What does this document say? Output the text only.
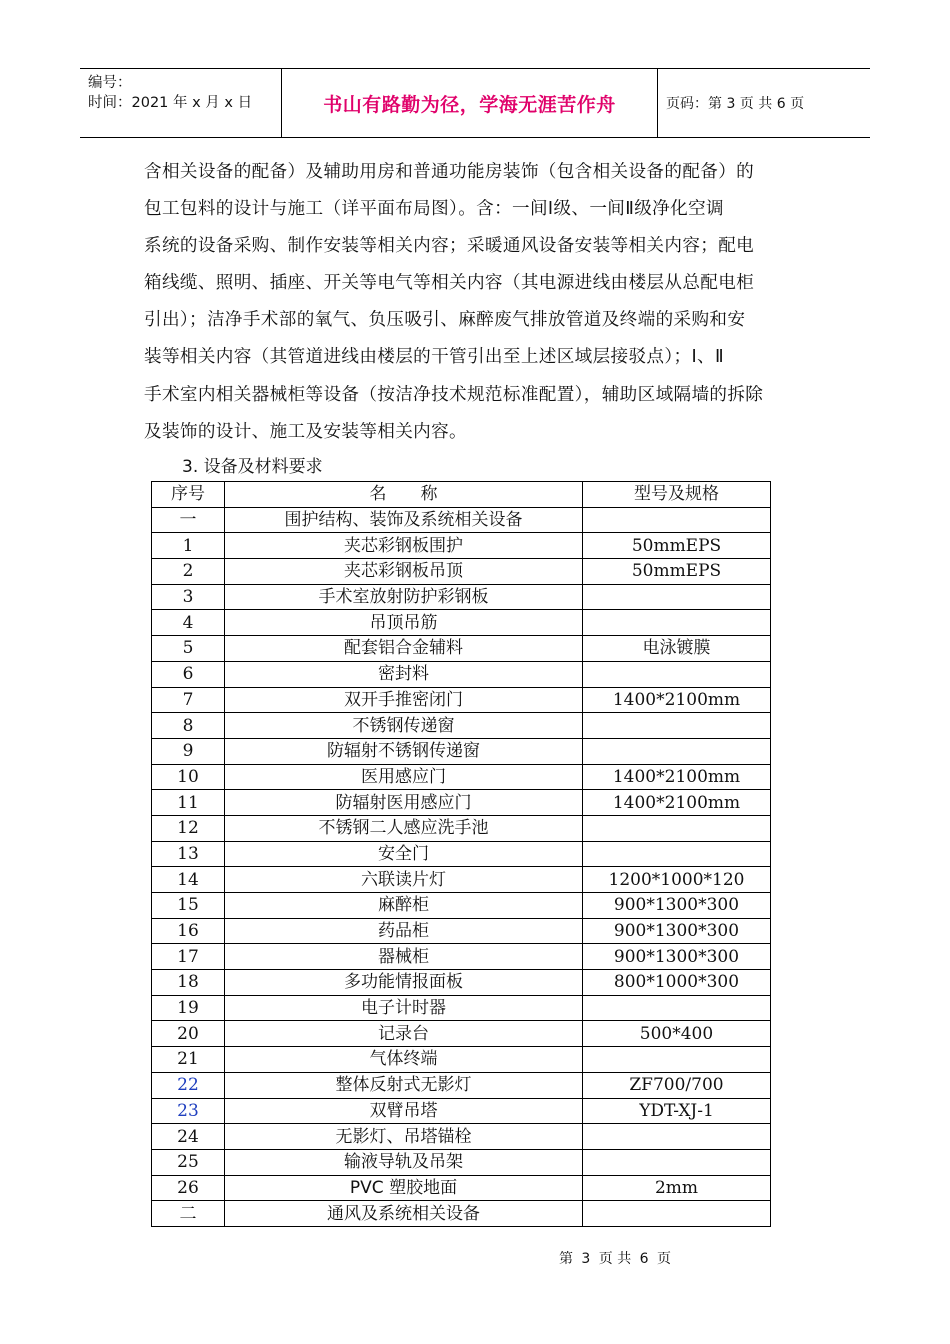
编号：
时间：2021 年 x 月 x 日	书山有路勤为径，学海无涯苦作舟	页码：第 3 页 共 6 页
含相关设备的配备）及辅助用房和普通功能房装饰（包含相关设备的配备）的
包工包料的设计与施工（详平面布局图）。含：一间Ⅰ级、一间Ⅱ级净化空调
系统的设备采购、制作安装等相关内容；采暖通风设备安装等相关内容；配电
箱线缆、照明、插座、开关等电气等相关内容（其电源进线由楼层从总配电柜
引出）；洁净手术部的氧气、负压吸引、麻醉废气排放管道及终端的采购和安
装等相关内容（其管道进线由楼层的干管引出至上述区域层接驳点）；Ⅰ、Ⅱ
手术室内相关器械柜等设备（按洁净技术规范标准配置），辅助区域隔墙的拆除
及装饰的设计、施工及安装等相关内容。
3. 设备及材料要求
序号	名　　称	型号及规格
一	围护结构、装饰及系统相关设备	
1	夹芯彩钢板围护	50mmEPS
2	夹芯彩钢板吊顶	50mmEPS
3	手术室放射防护彩钢板	
4	吊顶吊筋	
5	配套铝合金辅料	电泳镀膜
6	密封料	
7	双开手推密闭门	1400*2100mm
8	不锈钢传递窗	
9	防辐射不锈钢传递窗	
10	医用感应门	1400*2100mm
11	防辐射医用感应门	1400*2100mm
12	不锈钢二人感应洗手池	
13	安全门	
14	六联读片灯	1200*1000*120
15	麻醉柜	900*1300*300
16	药品柜	900*1300*300
17	器械柜	900*1300*300
18	多功能情报面板	800*1000*300
19	电子计时器	
20	记录台	500*400
21	气体终端	
22	整体反射式无影灯	ZF700/700
23	双臂吊塔	YDT-XJ-1
24	无影灯、吊塔锚栓	
25	输液导轨及吊架	
26	PVC 塑胶地面	2mm
二	通风及系统相关设备	
第 3 页 共 6 页
